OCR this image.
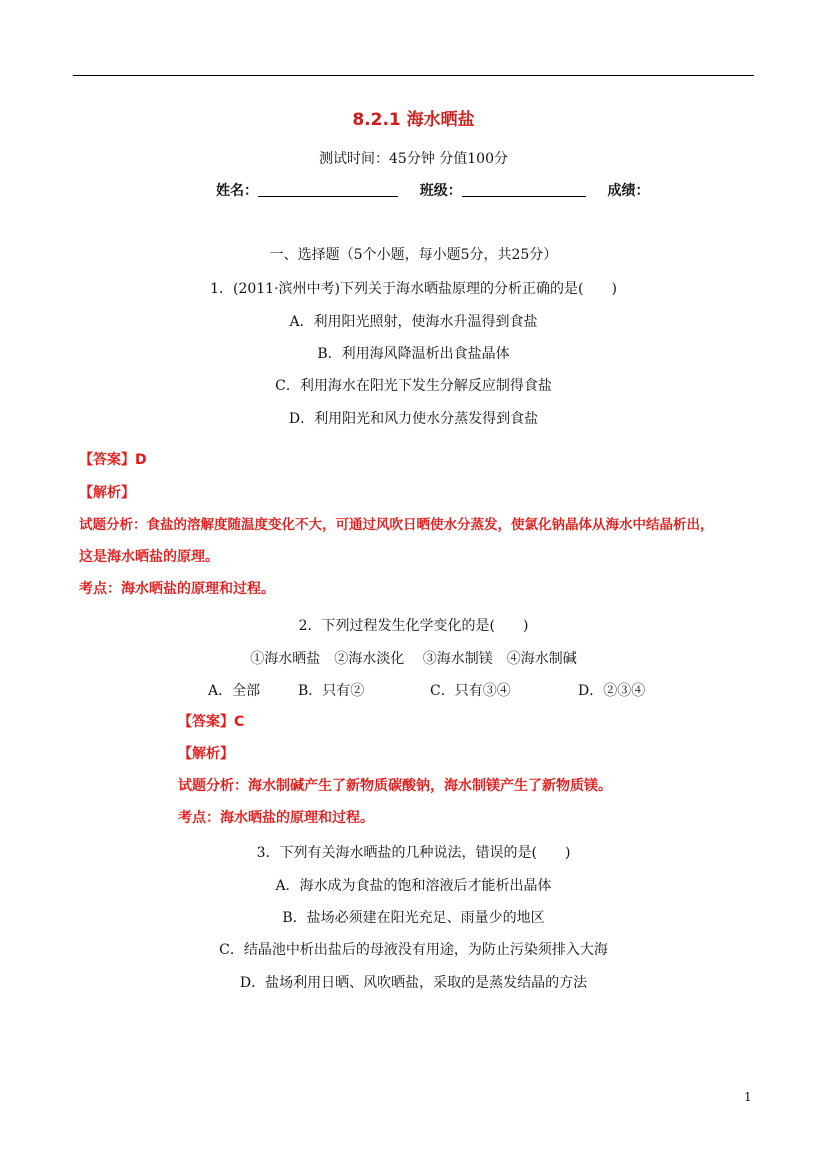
8.2.1 海水晒盐
测试时间：45分钟 分值100分
姓名：	班级：	成绩：
一、选择题（5个小题，每小题5分，共25分）
1．(2011·滨州中考)下列关于海水晒盐原理的分析正确的是(　　)
A．利用阳光照射，使海水升温得到食盐
B．利用海风降温析出食盐晶体
C．利用海水在阳光下发生分解反应制得食盐
D．利用阳光和风力使水分蒸发得到食盐
【答案】D
【解析】
试题分析：食盐的溶解度随温度变化不大，可通过风吹日晒使水分蒸发，使氯化钠晶体从海水中结晶析出，
这是海水晒盐的原理。
考点：海水晒盐的原理和过程。
2．下列过程发生化学变化的是(　　)
①海水晒盐　②海水淡化　 ③海水制镁　④海水制碱
A．全部	B．只有②	C．只有③④	D．②③④
【答案】C
【解析】
试题分析：海水制碱产生了新物质碳酸钠，海水制镁产生了新物质镁。
考点：海水晒盐的原理和过程。
3．下列有关海水晒盐的几种说法，错误的是(　　)
A．海水成为食盐的饱和溶液后才能析出晶体
B．盐场必须建在阳光充足、雨量少的地区
C．结晶池中析出盐后的母液没有用途，为防止污染须排入大海
D．盐场利用日晒、风吹晒盐，采取的是蒸发结晶的方法
1
